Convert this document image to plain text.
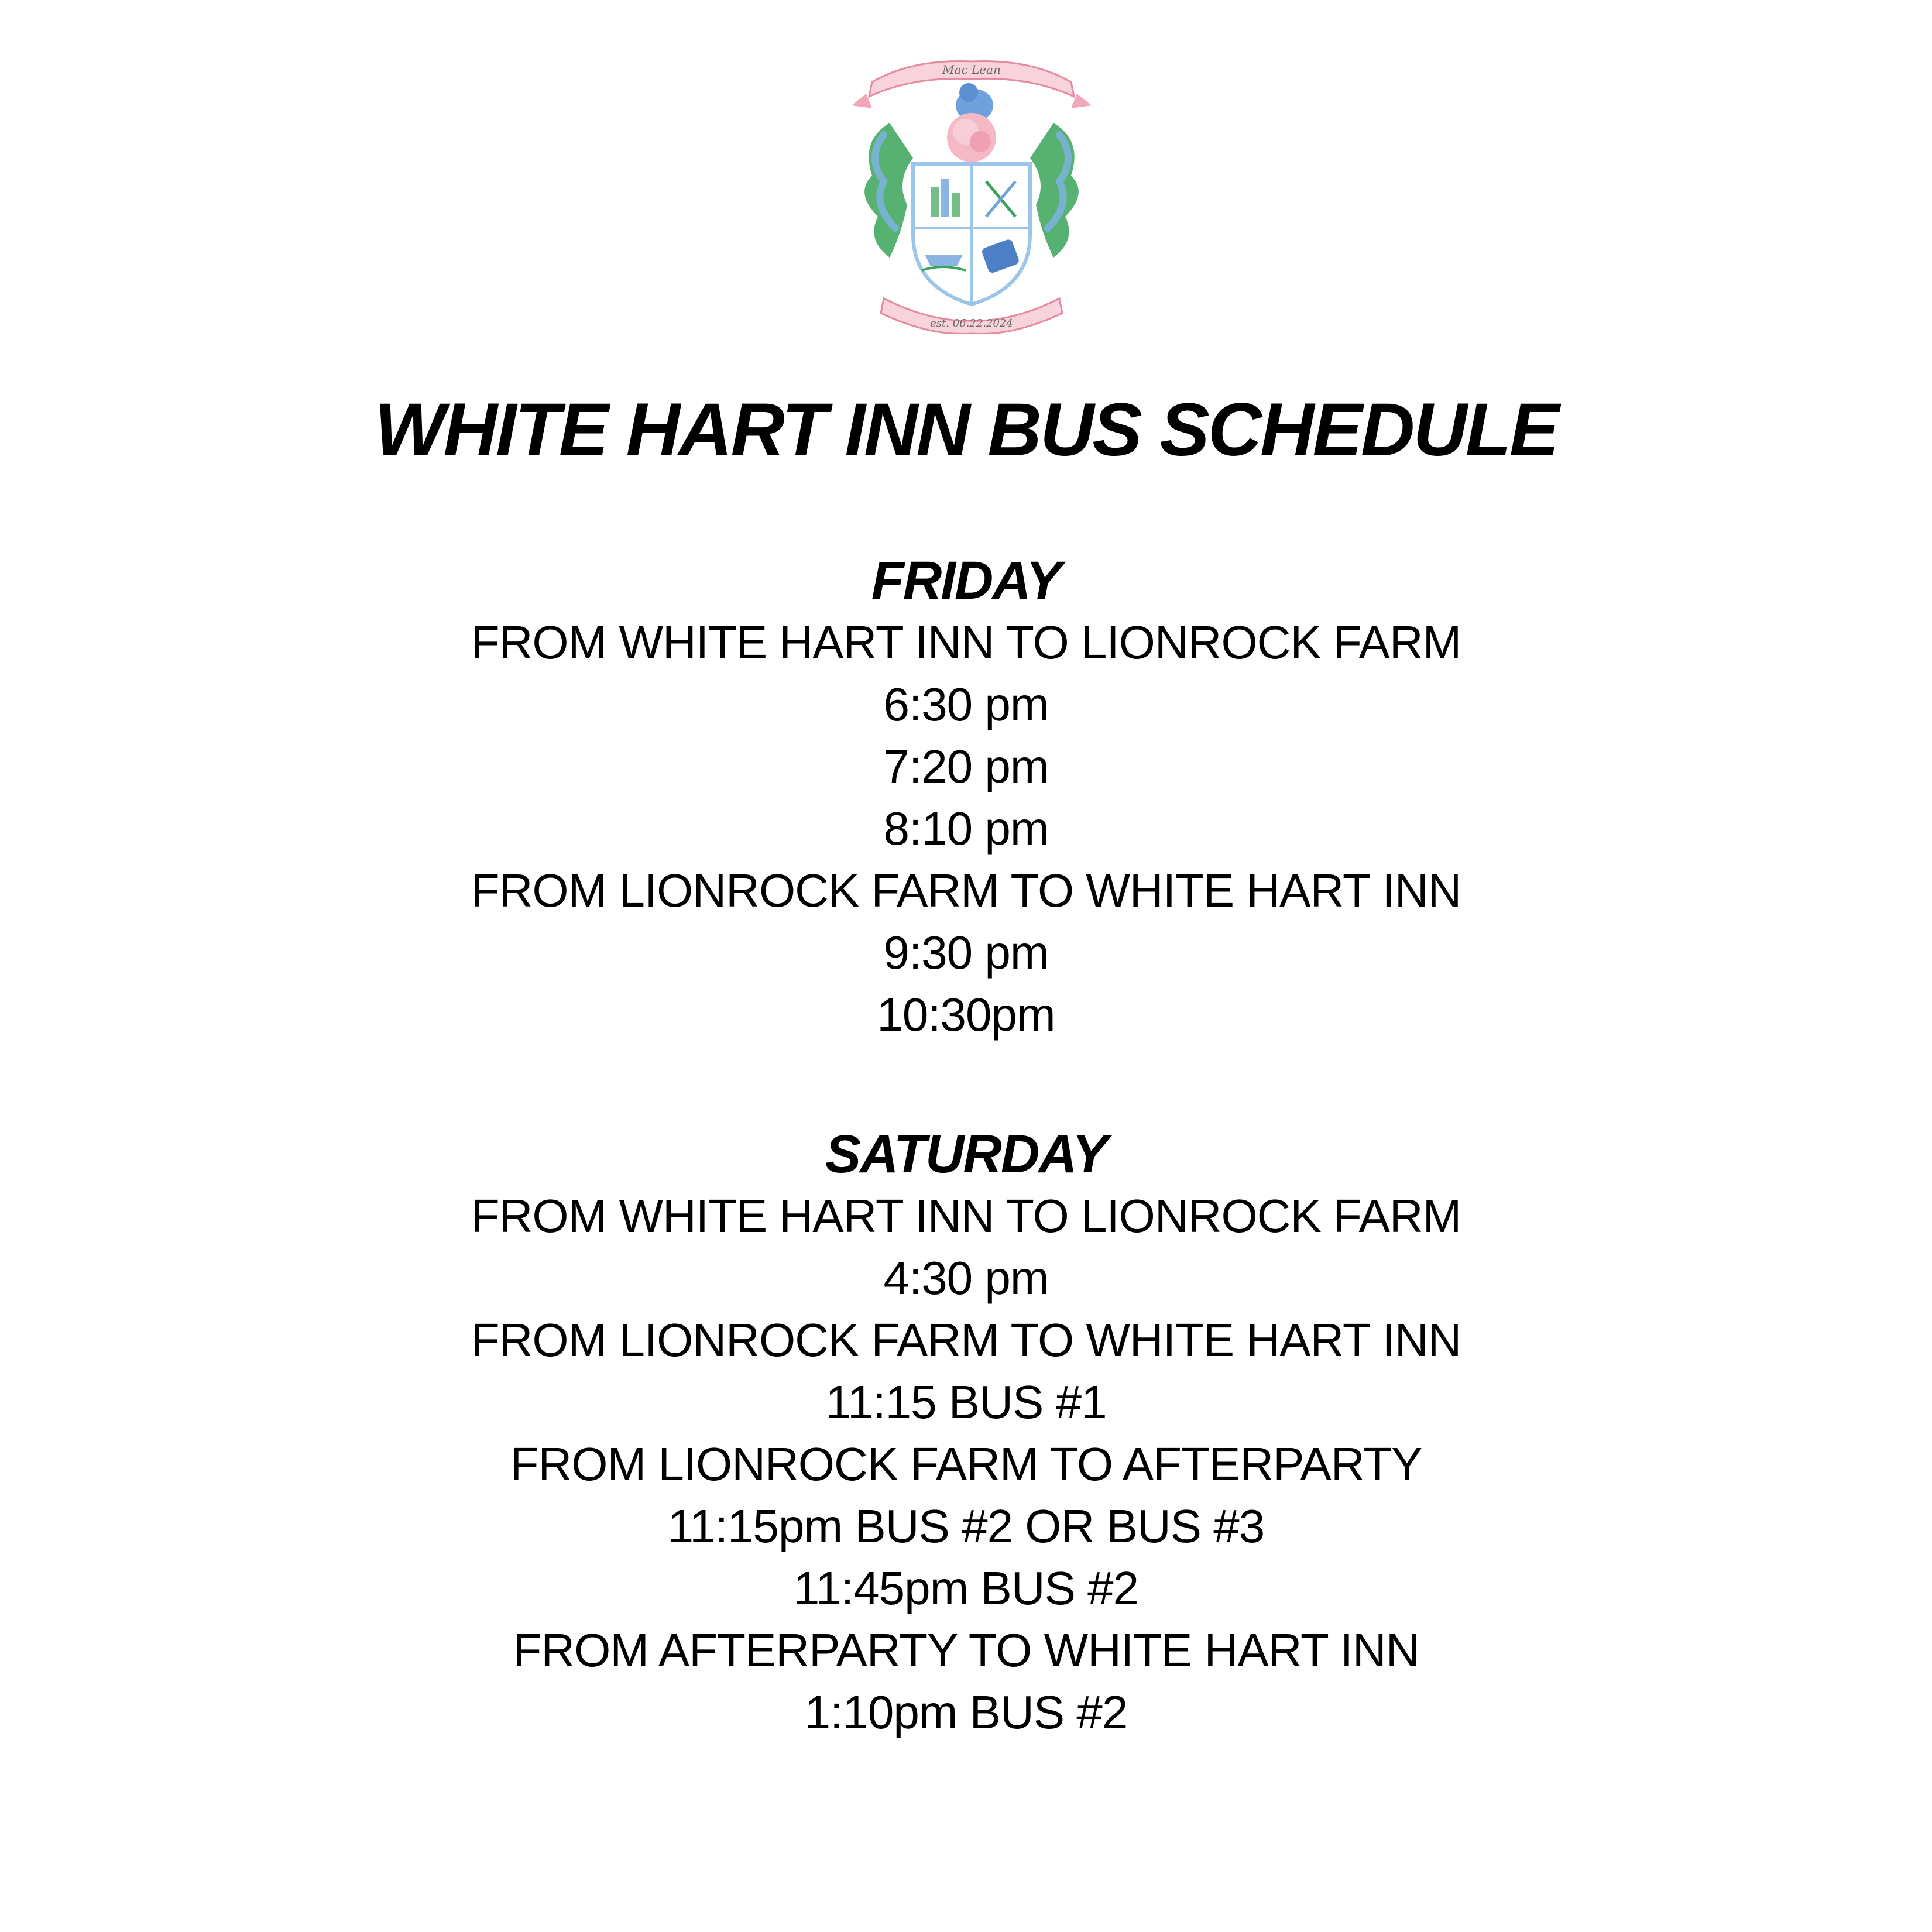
Mac Lean
est. 06.22.2024
WHITE HART INN BUS SCHEDULE
FRIDAY
FROM WHITE HART INN TO LIONROCK FARM
6:30 pm
7:20 pm
8:10 pm
FROM LIONROCK FARM TO WHITE HART INN
9:30 pm
10:30pm
SATURDAY
FROM WHITE HART INN TO LIONROCK FARM
4:30 pm
FROM LIONROCK FARM TO WHITE HART INN
11:15 BUS #1
FROM LIONROCK FARM TO AFTERPARTY
11:15pm BUS #2 OR BUS #3
11:45pm BUS #2
FROM AFTERPARTY TO WHITE HART INN
1:10pm BUS #2
